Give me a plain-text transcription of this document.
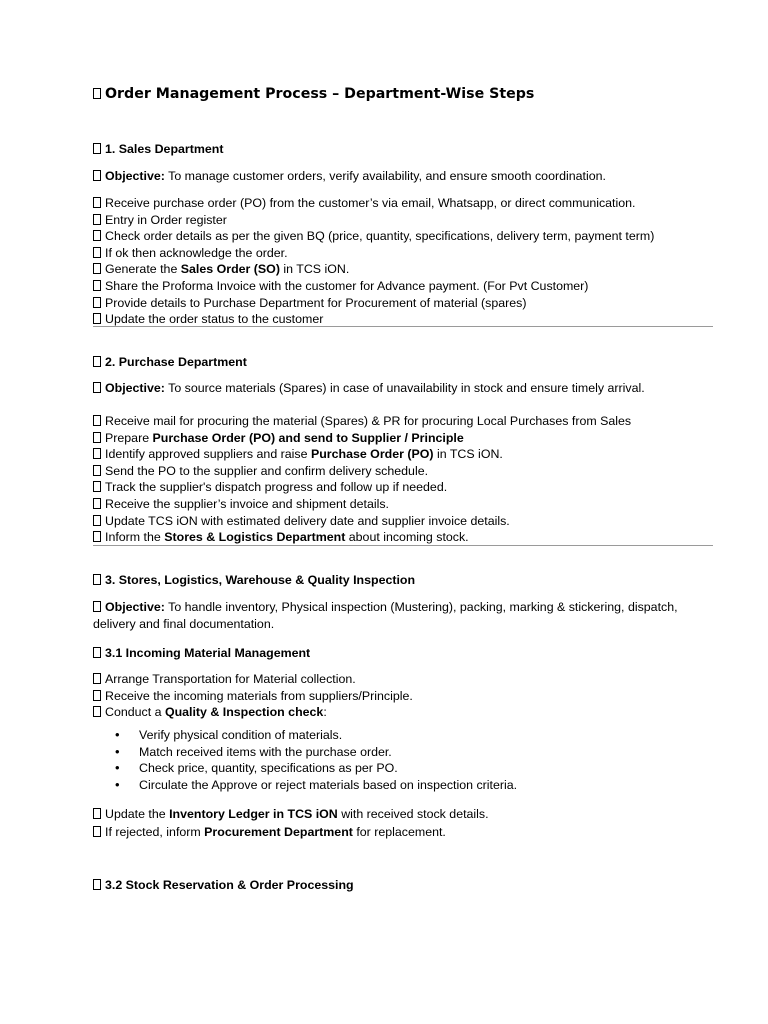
Order Management Process – Department-Wise Steps
1. Sales Department
Objective: To manage customer orders, verify availability, and ensure smooth coordination.
Receive purchase order (PO) from the customer’s via email, Whatsapp, or direct communication.
Entry in Order register
Check order details as per the given BQ (price, quantity, specifications, delivery term, payment term)
If ok then acknowledge the order.
Generate the Sales Order (SO) in TCS iON.
Share the Proforma Invoice with the customer for Advance payment. (For Pvt Customer)
Provide details to Purchase Department for Procurement of material (spares)
Update the order status to the customer
2. Purchase Department
Objective: To source materials (Spares) in case of unavailability in stock and ensure timely arrival.
Receive mail for procuring the material (Spares) & PR for procuring Local Purchases from Sales
Prepare Purchase Order (PO) and send to Supplier / Principle
Identify approved suppliers and raise Purchase Order (PO) in TCS iON.
Send the PO to the supplier and confirm delivery schedule.
Track the supplier's dispatch progress and follow up if needed.
Receive the supplier’s invoice and shipment details.
Update TCS iON with estimated delivery date and supplier invoice details.
Inform the Stores & Logistics Department about incoming stock.
3. Stores, Logistics, Warehouse & Quality Inspection
Objective: To handle inventory, Physical inspection (Mustering), packing, marking & stickering, dispatch, delivery and final documentation.
3.1 Incoming Material Management
Arrange Transportation for Material collection.
Receive the incoming materials from suppliers/Principle.
Conduct a Quality & Inspection check:
• Verify physical condition of materials.
• Match received items with the purchase order.
• Check price, quantity, specifications as per PO.
• Circulate the Approve or reject materials based on inspection criteria.
Update the Inventory Ledger in TCS iON with received stock details.
If rejected, inform Procurement Department for replacement.
3.2 Stock Reservation & Order Processing
